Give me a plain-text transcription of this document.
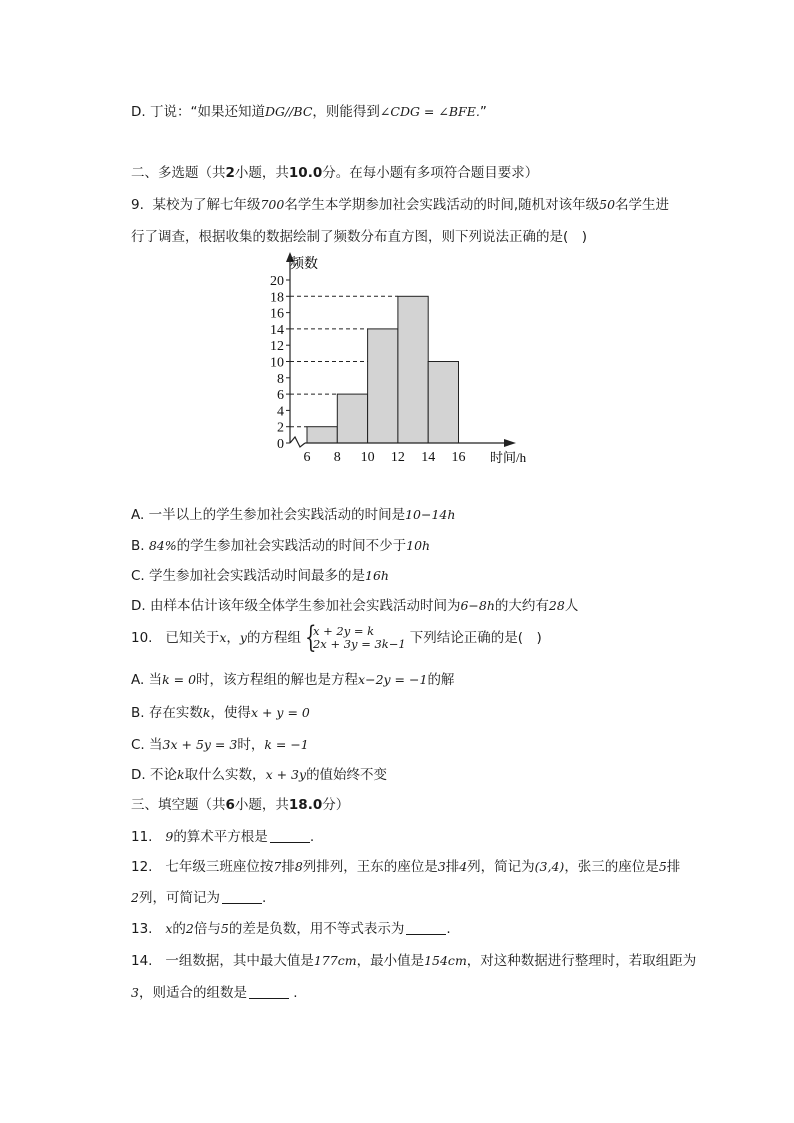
D. 丁说：“如果还知道DG//BC，则能得到∠CDG = ∠BFE.”
二、多选题（共2小题，共10.0分。在每小题有多项符合题目要求）
9. 某校为了解七年级700名学生本学期参加社会实践活动的时间,随机对该年级50名学生进
行了调查，根据收集的数据绘制了频数分布直方图，则下列说法正确的是(　)
0
2
4
6
8
10
12
14
16
18
20
6 8 10 12 14 16
频数
时间/h
A. 一半以上的学生参加社会实践活动的时间是10−14h
B. 84%的学生参加社会实践活动的时间不少于10h
C. 学生参加社会实践活动时间最多的是16h
D. 由样本估计该年级全体学生参加社会实践活动时间为6−8h的大约有28人
10. 已知关于x，y的方程组 {
x + 2y = k
2x + 3y = 3k−1 下列结论正确的是(　)
A. 当k = 0时，该方程组的解也是方程x−2y = −1的解
B. 存在实数k，使得x + y = 0
C. 当3x + 5y = 3时，k = −1
D. 不论k取什么实数，x + 3y的值始终不变
三、填空题（共6小题，共18.0分）
11. 9的算术平方根是	.
12. 七年级三班座位按7排8列排列，王东的座位是3排4列，简记为(3,4)，张三的座位是5排
2列，可简记为	.
13. x的2倍与5的差是负数，用不等式表示为	.
14. 一组数据，其中最大值是177cm，最小值是154cm，对这种数据进行整理时，若取组距为
3，则适合的组数是	.
